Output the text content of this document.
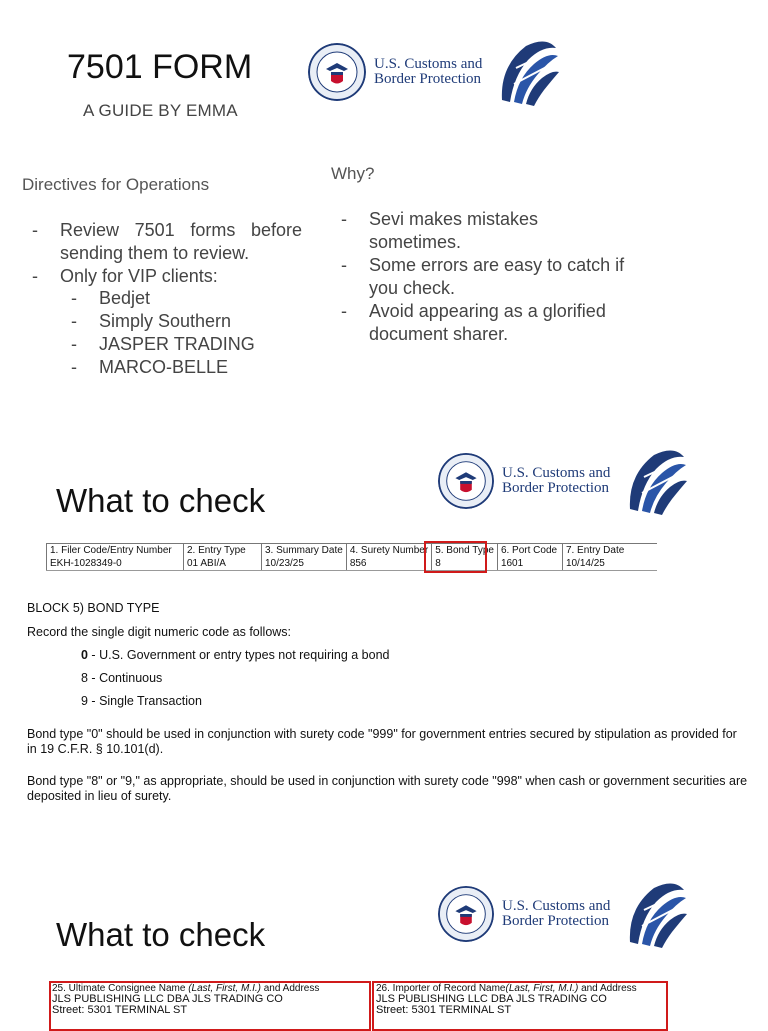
7501 FORM
A GUIDE BY EMMA
U.S. Customs and
Border Protection
Directives for Operations
- Review 7501 forms before sending them to review.
- Only for VIP clients:
- Bedjet
- Simply Southern
- JASPER TRADING
- MARCO-BELLE
Why?
- Sevi makes mistakes sometimes.
- Some errors are easy to catch if you check.
- Avoid appearing as a glorified document sharer.
What to check
U.S. Customs and
Border Protection
1. Filer Code/Entry Number	2. Entry Type	3. Summary Date	4. Surety Number	5. Bond Type	6. Port Code	7. Entry Date
EKH-1028349-0	01 ABI/A	10/23/25	856	8	1601	10/14/25
BLOCK 5) BOND TYPE
Record the single digit numeric code as follows:
0 - U.S. Government or entry types not requiring a bond
8 - Continuous
9 - Single Transaction
Bond type "0" should be used in conjunction with surety code "999" for government entries secured by stipulation as provided for in 19 C.F.R. § 10.101(d).
Bond type "8" or "9," as appropriate, should be used in conjunction with surety code "998" when cash or government securities are deposited in lieu of surety.
What to check
U.S. Customs and
Border Protection
25. Ultimate Consignee Name (Last, First, M.I.) and Address
JLS PUBLISHING LLC DBA JLS TRADING CO
Street: 5301 TERMINAL ST
26. Importer of Record Name(Last, First, M.I.) and Address
JLS PUBLISHING LLC DBA JLS TRADING CO
Street: 5301 TERMINAL ST
